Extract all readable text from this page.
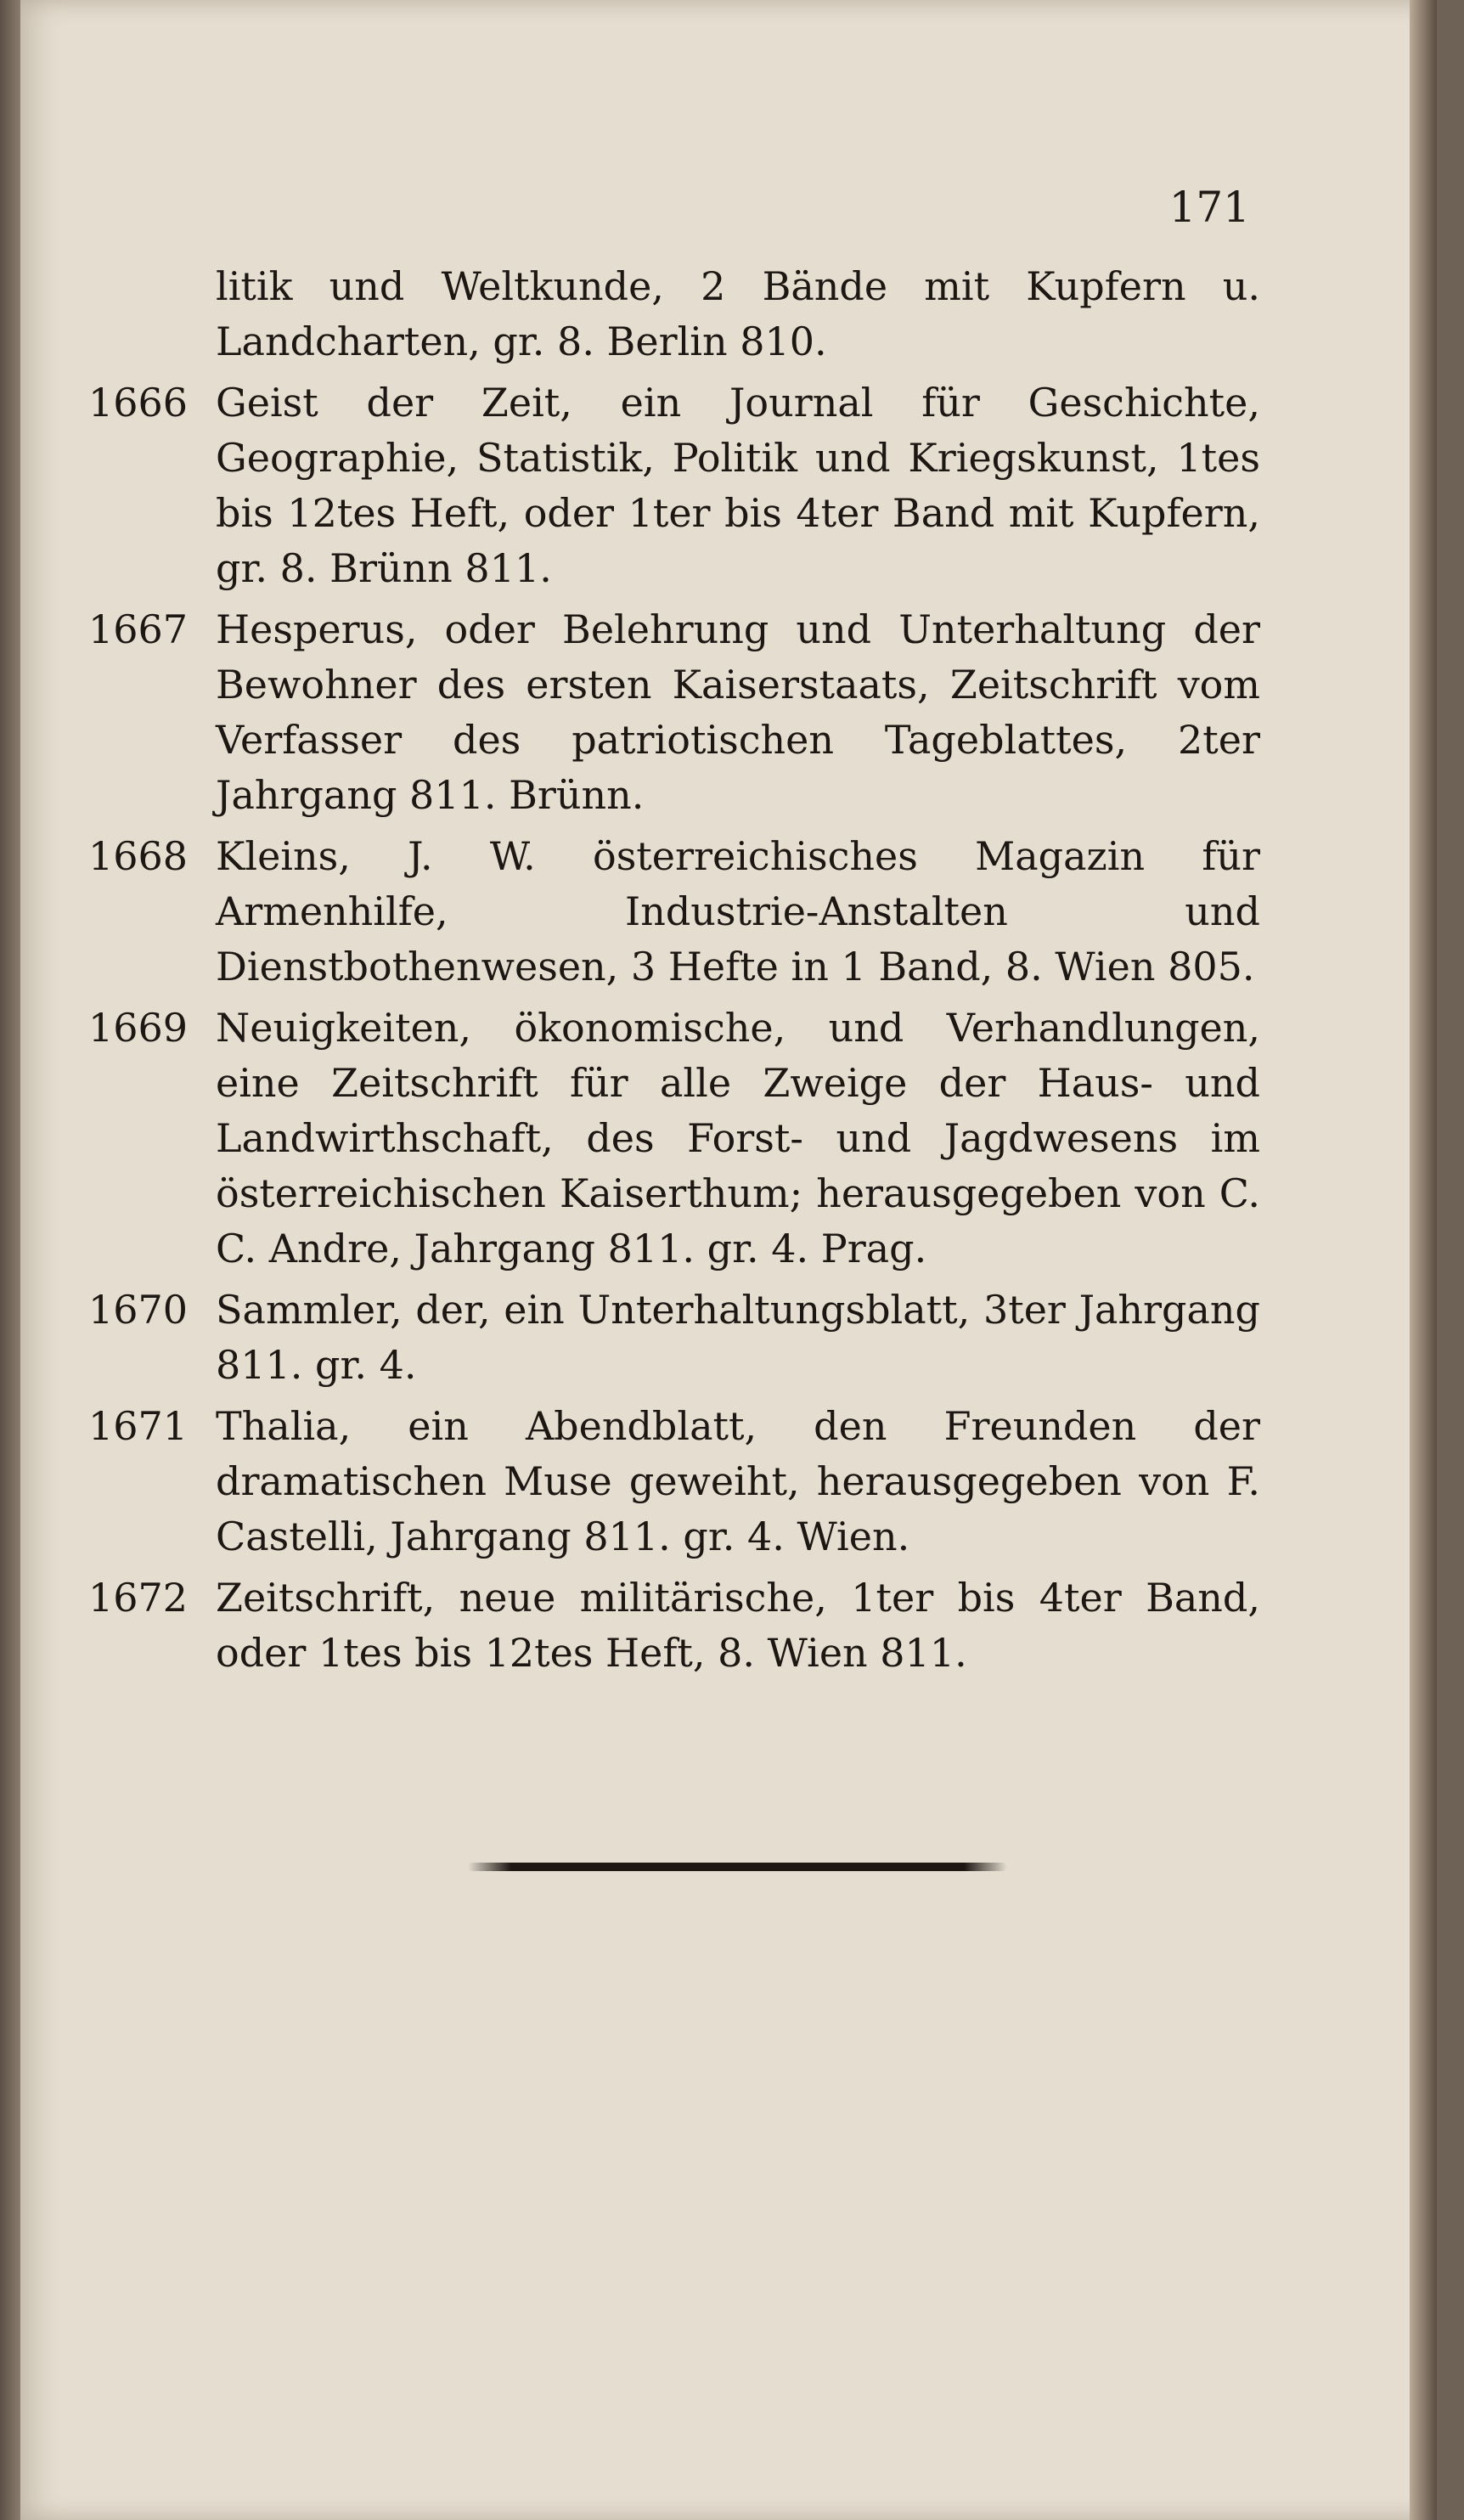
171
litik und Weltkunde, 2 Bände mit Kupfern u. Landcharten, gr. 8. Berlin 810.
1666 Geist der Zeit, ein Journal für Geschichte, Geographie, Statistik, Politik und Kriegskunst, 1tes bis 12tes Heft, oder 1ter bis 4ter Band mit Kupfern, gr. 8. Brünn 811.
1667 Hesperus, oder Belehrung und Unterhaltung der Bewohner des ersten Kaiserstaats, Zeitschrift vom Verfasser des patriotischen Tageblattes, 2ter Jahrgang 811. Brünn.
1668 Kleins, J. W. österreichisches Magazin für Armenhilfe, Industrie-Anstalten und Dienstbothenwesen, 3 Hefte in 1 Band, 8. Wien 805.
1669 Neuigkeiten, ökonomische, und Verhandlungen, eine Zeitschrift für alle Zweige der Haus- und Landwirthschaft, des Forst- und Jagdwesens im österreichischen Kaiserthum; herausgegeben von C. C. Andre, Jahrgang 811. gr. 4. Prag.
1670 Sammler, der, ein Unterhaltungsblatt, 3ter Jahrgang 811. gr. 4.
1671 Thalia, ein Abendblatt, den Freunden der dramatischen Muse geweiht, herausgegeben von F. Castelli, Jahrgang 811. gr. 4. Wien.
1672 Zeitschrift, neue militärische, 1ter bis 4ter Band, oder 1tes bis 12tes Heft, 8. Wien 811.
